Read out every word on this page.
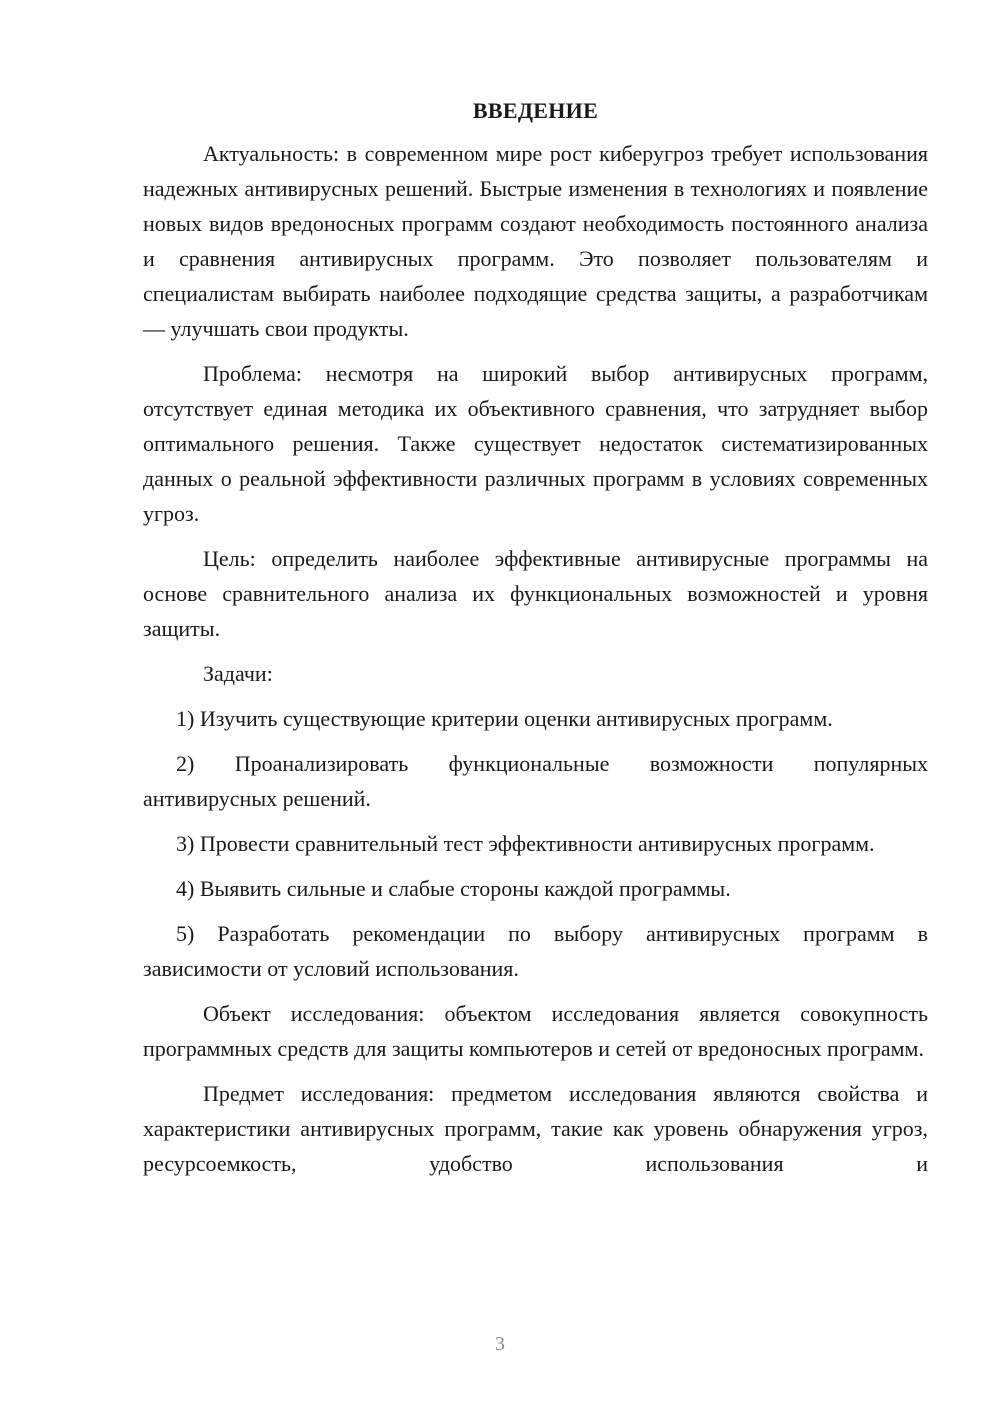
ВВЕДЕНИЕ

Актуальность: в современном мире рост киберугроз требует использования надежных антивирусных решений. Быстрые изменения в технологиях и появление новых видов вредоносных программ создают необходимость постоянного анализа и сравнения антивирусных программ. Это позволяет пользователям и специалистам выбирать наиболее подходящие средства защиты, а разработчикам — улучшать свои продукты.

Проблема: несмотря на широкий выбор антивирусных программ, отсутствует единая методика их объективного сравнения, что затрудняет выбор оптимального решения. Также существует недостаток систематизированных данных о реальной эффективности различных программ в условиях современных угроз.

Цель: определить наиболее эффективные антивирусные программы на основе сравнительного анализа их функциональных возможностей и уровня защиты.

Задачи:

1) Изучить существующие критерии оценки антивирусных программ.

2) Проанализировать функциональные возможности популярных антивирусных решений.

3) Провести сравнительный тест эффективности антивирусных программ.

4) Выявить сильные и слабые стороны каждой программы.

5) Разработать рекомендации по выбору антивирусных программ в зависимости от условий использования.

Объект исследования: объектом исследования является совокупность программных средств для защиты компьютеров и сетей от вредоносных программ.

Предмет исследования: предметом исследования являются свойства и характеристики антивирусных программ, такие как уровень обнаружения угроз, ресурсоемкость, удобство использования и

3
